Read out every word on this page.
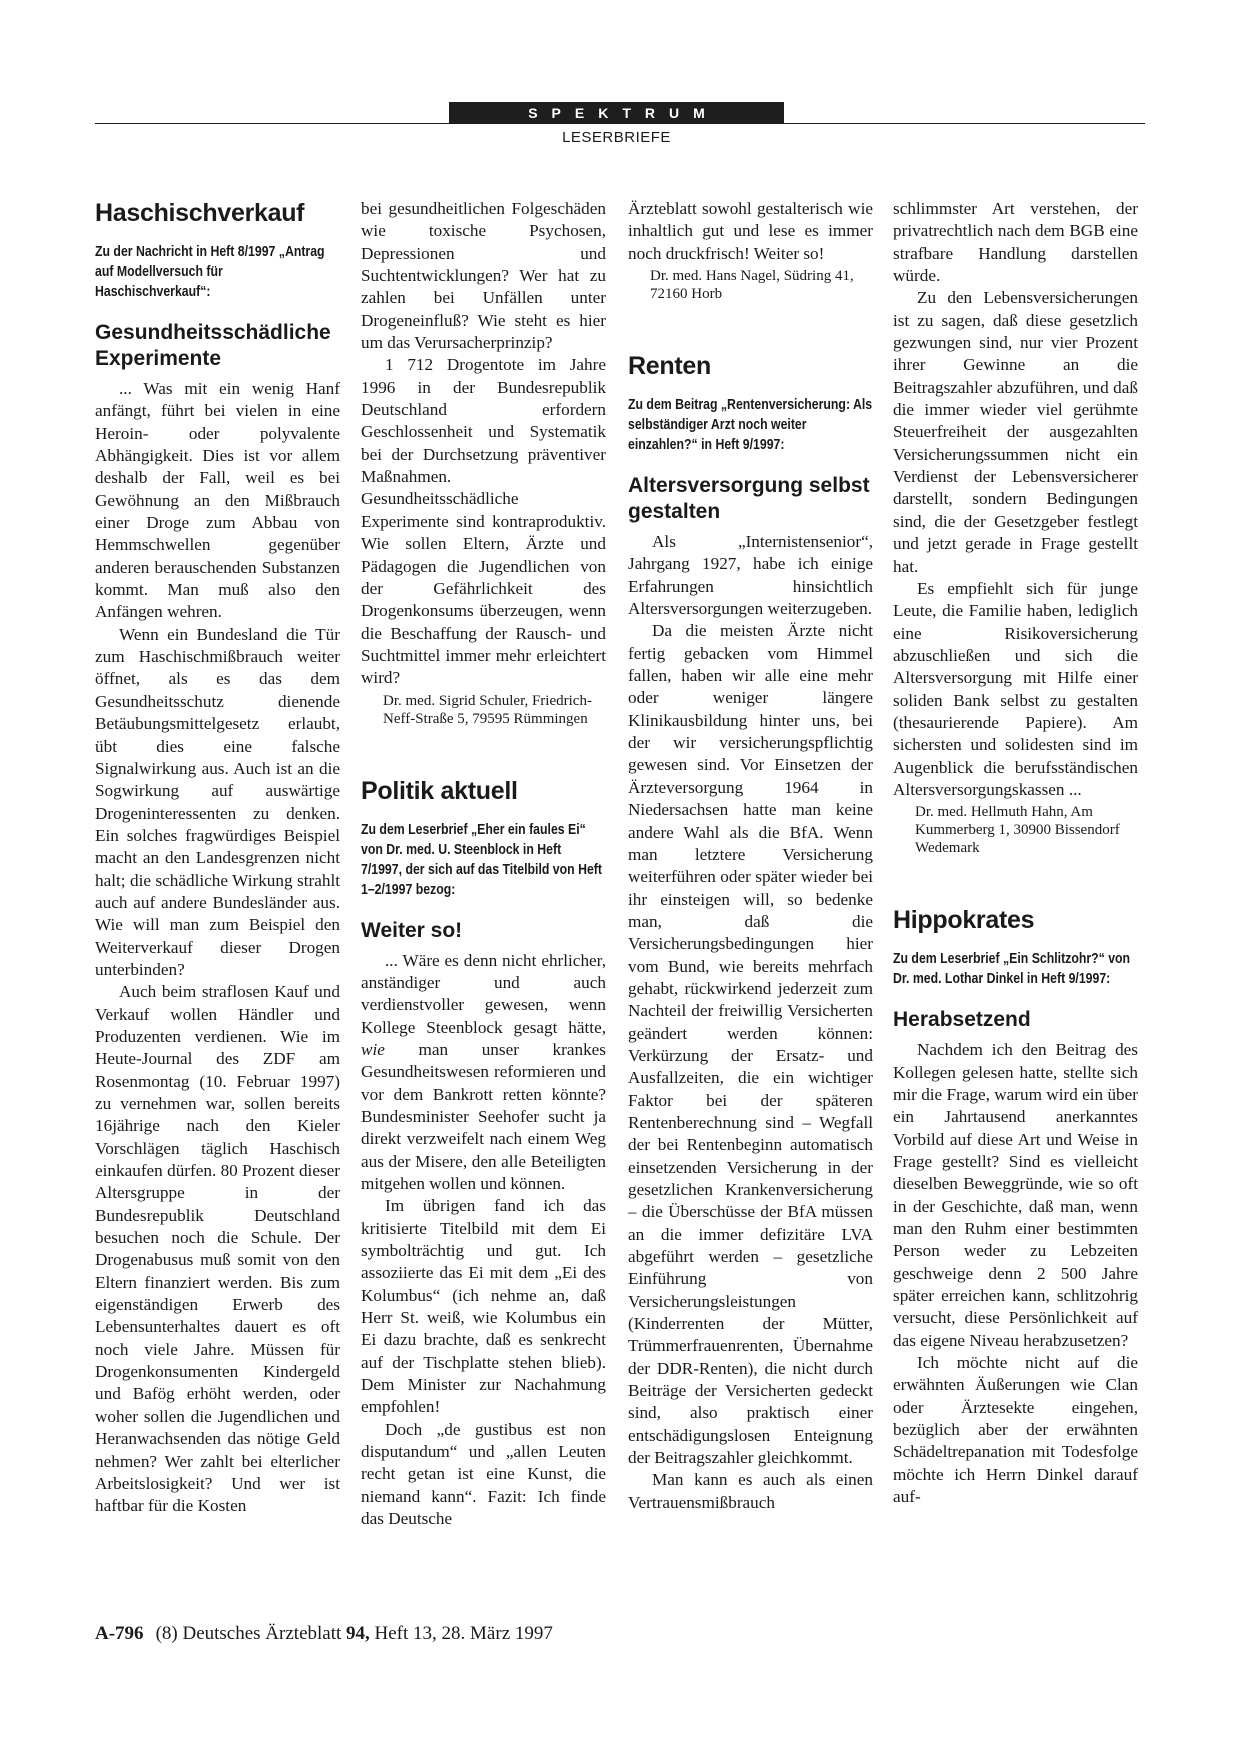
SPEKTRUM
LESERBRIEFE
Haschischverkauf
Zu der Nachricht in Heft 8/1997 „Antrag auf Modellversuch für Haschischverkauf“:
Gesundheitsschädliche Experimente

... Was mit ein wenig Hanf anfängt, führt bei vielen in eine Heroin- oder polyvalente Abhängigkeit. Dies ist vor allem deshalb der Fall, weil es bei Gewöhnung an den Mißbrauch einer Droge zum Abbau von Hemmschwellen gegenüber anderen berauschenden Substanzen kommt. Man muß also den Anfängen wehren.

Wenn ein Bundesland die Tür zum Haschischmißbrauch weiter öffnet, als es das dem Gesundheitsschutz dienende Betäubungsmittelgesetz erlaubt, übt dies eine falsche Signalwirkung aus. Auch ist an die Sogwirkung auf auswärtige Drogeninteressenten zu denken. Ein solches fragwürdiges Beispiel macht an den Landesgrenzen nicht halt; die schädliche Wirkung strahlt auch auf andere Bundesländer aus. Wie will man zum Beispiel den Weiterverkauf dieser Drogen unterbinden?

Auch beim straflosen Kauf und Verkauf wollen Händler und Produzenten verdienen. Wie im Heute-Journal des ZDF am Rosenmontag (10. Februar 1997) zu vernehmen war, sollen bereits 16jährige nach den Kieler Vorschlägen täglich Haschisch einkaufen dürfen. 80 Prozent dieser Altersgruppe in der Bundesrepublik Deutschland besuchen noch die Schule. Der Drogenabusus muß somit von den Eltern finanziert werden. Bis zum eigenständigen Erwerb des Lebensunterhaltes dauert es oft noch viele Jahre. Müssen für Drogenkonsumenten Kindergeld und Bafög erhöht werden, oder woher sollen die Jugendlichen und Heranwachsenden das nötige Geld nehmen? Wer zahlt bei elterlicher Arbeitslosigkeit? Und wer ist haftbar für die Kosten

bei gesundheitlichen Folgeschäden wie toxische Psychosen, Depressionen und Suchtentwicklungen? Wer hat zu zahlen bei Unfällen unter Drogeneinfluß? Wie steht es hier um das Verursacherprinzip?

1 712 Drogentote im Jahre 1996 in der Bundesrepublik Deutschland erfordern Geschlossenheit und Systematik bei der Durchsetzung präventiver Maßnahmen. Gesundheitsschädliche Experimente sind kontraproduktiv. Wie sollen Eltern, Ärzte und Pädagogen die Jugendlichen von der Gefährlichkeit des Drogenkonsums überzeugen, wenn die Beschaffung der Rausch- und Suchtmittel immer mehr erleichtert wird?

Dr. med. Sigrid Schuler, Friedrich-Neff-Straße 5, 79595 Rümmingen
Politik aktuell
Zu dem Leserbrief „Eher ein faules Ei“ von Dr. med. U. Steenblock in Heft 7/1997, der sich auf das Titelbild von Heft 1–2/1997 bezog:
Weiter so!

... Wäre es denn nicht ehrlicher, anständiger und auch verdienstvoller gewesen, wenn Kollege Steenblock gesagt hätte, wie man unser krankes Gesundheitswesen reformieren und vor dem Bankrott retten könnte? Bundesminister Seehofer sucht ja direkt verzweifelt nach einem Weg aus der Misere, den alle Beteiligten mitgehen wollen und können.

Im übrigen fand ich das kritisierte Titelbild mit dem Ei symbolträchtig und gut. Ich assoziierte das Ei mit dem „Ei des Kolumbus“ (ich nehme an, daß Herr St. weiß, wie Kolumbus ein Ei dazu brachte, daß es senkrecht auf der Tischplatte stehen blieb). Dem Minister zur Nachahmung empfohlen!

Doch „de gustibus est non disputandum“ und „allen Leuten recht getan ist eine Kunst, die niemand kann“. Fazit: Ich finde das Deutsche

Ärzteblatt sowohl gestalterisch wie inhaltlich gut und lese es immer noch druckfrisch! Weiter so!

Dr. med. Hans Nagel, Südring 41, 72160 Horb
Renten
Zu dem Beitrag „Rentenversicherung: Als selbständiger Arzt noch weiter einzahlen?“ in Heft 9/1997:
Altersversorgung selbst gestalten

Als „Internistensenior“, Jahrgang 1927, habe ich einige Erfahrungen hinsichtlich Altersversorgungen weiterzugeben.

Da die meisten Ärzte nicht fertig gebacken vom Himmel fallen, haben wir alle eine mehr oder weniger längere Klinikausbildung hinter uns, bei der wir versicherungspflichtig gewesen sind. Vor Einsetzen der Ärzteversorgung 1964 in Niedersachsen hatte man keine andere Wahl als die BfA. Wenn man letztere Versicherung weiterführen oder später wieder bei ihr einsteigen will, so bedenke man, daß die Versicherungsbedingungen hier vom Bund, wie bereits mehrfach gehabt, rückwirkend jederzeit zum Nachteil der freiwillig Versicherten geändert werden können: Verkürzung der Ersatz- und Ausfallzeiten, die ein wichtiger Faktor bei der späteren Rentenberechnung sind – Wegfall der bei Rentenbeginn automatisch einsetzenden Versicherung in der gesetzlichen Krankenversicherung – die Überschüsse der BfA müssen an die immer defizitäre LVA abgeführt werden – gesetzliche Einführung von Versicherungsleistungen (Kinderrenten der Mütter, Trümmerfrauenrenten, Übernahme der DDR-Renten), die nicht durch Beiträge der Versicherten gedeckt sind, also praktisch einer entschädigungslosen Enteignung der Beitragszahler gleichkommt.

Man kann es auch als einen Vertrauensmißbrauch

schlimmster Art verstehen, der privatrechtlich nach dem BGB eine strafbare Handlung darstellen würde.

Zu den Lebensversicherungen ist zu sagen, daß diese gesetzlich gezwungen sind, nur vier Prozent ihrer Gewinne an die Beitragszahler abzuführen, und daß die immer wieder viel gerühmte Steuerfreiheit der ausgezahlten Versicherungssummen nicht ein Verdienst der Lebensversicherer darstellt, sondern Bedingungen sind, die der Gesetzgeber festlegt und jetzt gerade in Frage gestellt hat.

Es empfiehlt sich für junge Leute, die Familie haben, lediglich eine Risikoversicherung abzuschließen und sich die Altersversorgung mit Hilfe einer soliden Bank selbst zu gestalten (thesaurierende Papiere). Am sichersten und solidesten sind im Augenblick die berufsständischen Altersversorgungskassen ...

Dr. med. Hellmuth Hahn, Am Kummerberg 1, 30900 Bissendorf Wedemark
Hippokrates
Zu dem Leserbrief „Ein Schlitzohr?“ von Dr. med. Lothar Dinkel in Heft 9/1997:
Herabsetzend

Nachdem ich den Beitrag des Kollegen gelesen hatte, stellte sich mir die Frage, warum wird ein über ein Jahrtausend anerkanntes Vorbild auf diese Art und Weise in Frage gestellt? Sind es vielleicht dieselben Beweggründe, wie so oft in der Geschichte, daß man, wenn man den Ruhm einer bestimmten Person weder zu Lebzeiten geschweige denn 2 500 Jahre später erreichen kann, schlitzohrig versucht, diese Persönlichkeit auf das eigene Niveau herabzusetzen?

Ich möchte nicht auf die erwähnten Äußerungen wie Clan oder Ärztesekte eingehen, bezüglich aber der erwähnten Schädeltrepanation mit Todesfolge möchte ich Herrn Dinkel darauf auf-

A-796 (8) Deutsches Ärzteblatt 94, Heft 13, 28. März 1997
